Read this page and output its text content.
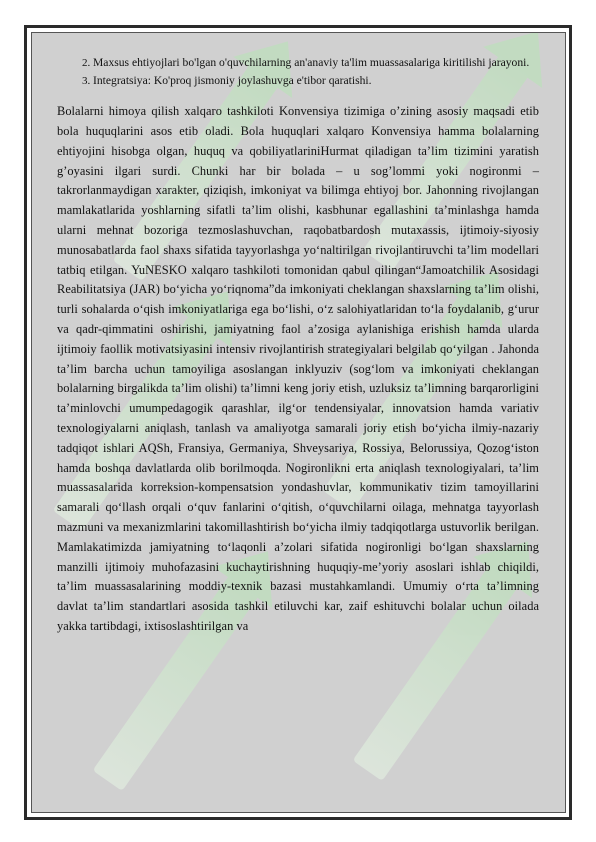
2. Maxsus ehtiyojlari bo'lgan o'quvchilarning an'anaviy ta'lim muassasalariga kiritilishi jarayoni.
3. Integratsiya: Ko'proq jismoniy joylashuvga e'tibor qaratishi.

Bolalarni himoya qilish xalqaro tashkiloti Konvensiya tizimiga o’zining asosiy maqsadi etib bola huquqlarini asos etib oladi. Bola huquqlari xalqaro Konvensiya hamma bolalarning ehtiyojini hisobga olgan, huquq va qobiliyatlariniHurmat qiladigan ta’lim tizimini yaratish g’oyasini ilgari surdi. Chunki har bir bolada – u sog’lommi yoki nogironmi – takrorlanmaydigan xarakter, qiziqish, imkoniyat va bilimga ehtiyoj bor. Jahonning rivojlangan mamlakatlarida yoshlarning sifatli ta’lim olishi, kasbhunar egallashini ta’minlashga hamda ularni mehnat bozoriga tezmoslashuvchan, raqobatbardosh mutaxassis, ijtimoiy-siyosiy munosabatlarda faol shaxs sifatida tayyorlashga yo‘naltirilgan rivojlantiruvchi ta’lim modellari tatbiq etilgan. YuNESKO xalqaro tashkiloti tomonidan qabul qilingan“Jamoatchilik Asosidagi Reabilitatsiya (JAR) bo‘yicha yo‘riqnoma”da imkoniyati cheklangan shaxslarning ta’lim olishi, turli sohalarda o‘qish imkoniyatlariga ega bo‘lishi, o‘z salohiyatlaridan to‘la foydalanib, g‘urur va qadr-qimmatini oshirishi, jamiyatning faol a’zosiga aylanishiga erishish hamda ularda ijtimoiy faollik motivatsiyasini intensiv rivojlantirish strategiyalari belgilab qo‘yilgan . Jahonda ta’lim barcha uchun tamoyiliga asoslangan inklyuziv (sog‘lom va imkoniyati cheklangan bolalarning birgalikda ta’lim olishi) ta’limni keng joriy etish, uzluksiz ta’limning barqarorligini ta’minlovchi umumpedagogik qarashlar, ilg‘or tendensiyalar, innovatsion hamda variativ texnologiyalarni aniqlash, tanlash va amaliyotga samarali joriy etish bo‘yicha ilmiy-nazariy tadqiqot ishlari AQSh, Fransiya, Germaniya, Shveysariya, Rossiya, Belorussiya, Qozog‘iston hamda boshqa davlatlarda olib borilmoqda. Nogironlikni erta aniqlash texnologiyalari, ta’lim muassasalarida korreksion-kompensatsion yondashuvlar, kommunikativ tizim tamoyillarini samarali qo‘llash orqali o‘quv fanlarini o‘qitish, o‘quvchilarni oilaga, mehnatga tayyorlash mazmuni va mexanizmlarini takomillashtirish bo‘yicha ilmiy tadqiqotlarga ustuvorlik berilgan. Mamlakatimizda jamiyatning to‘laqonli a’zolari sifatida nogironligi bo‘lgan shaxslarning manzilli ijtimoiy muhofazasini kuchaytirishning huquqiy-me’yoriy asoslari ishlab chiqildi, ta’lim muassasalarining moddiy-texnik bazasi mustahkamlandi. Umumiy o‘rta ta’limning davlat ta’lim standartlari asosida tashkil etiluvchi kar, zaif eshituvchi bolalar uchun oilada yakka tartibdagi, ixtisoslashtirilgan va
